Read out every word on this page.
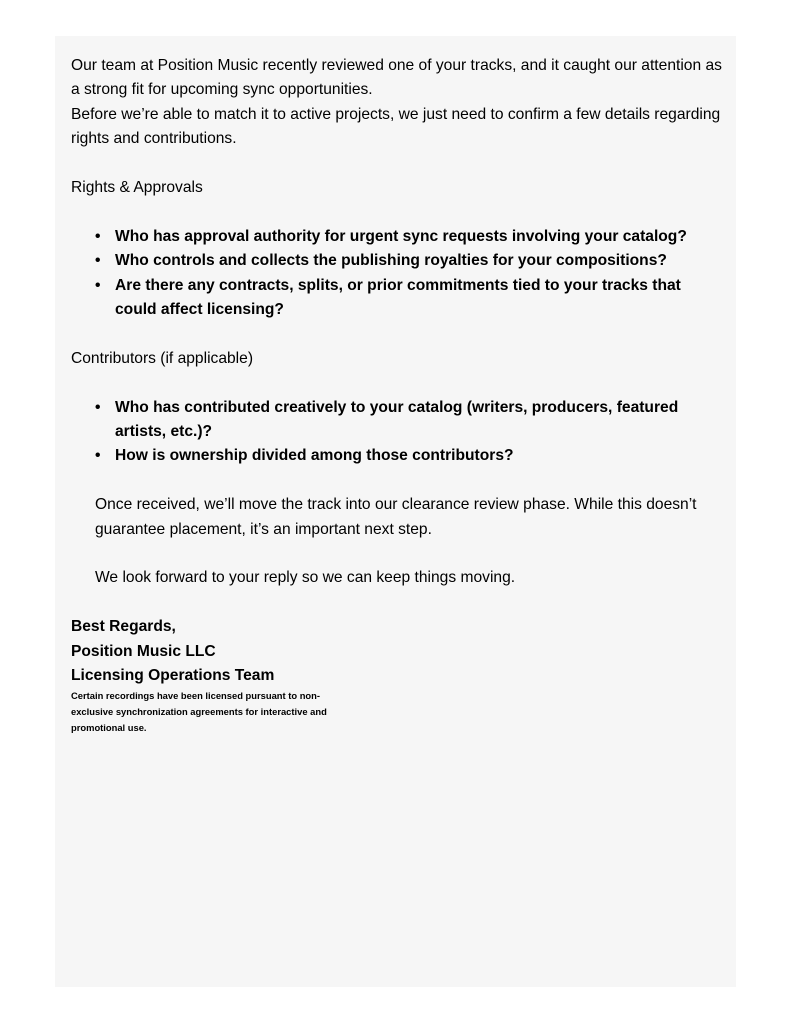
Our team at Position Music recently reviewed one of your tracks, and it caught our attention as a strong fit for upcoming sync opportunities.

Before we’re able to match it to active projects, we just need to confirm a few details regarding rights and contributions.

Rights & Approvals

• Who has approval authority for urgent sync requests involving your catalog?
• Who controls and collects the publishing royalties for your compositions?
• Are there any contracts, splits, or prior commitments tied to your tracks that could affect licensing?

Contributors (if applicable)

• Who has contributed creatively to your catalog (writers, producers, featured artists, etc.)?
• How is ownership divided among those contributors?

Once received, we’ll move the track into our clearance review phase. While this doesn’t guarantee placement, it’s an important next step.

We look forward to your reply so we can keep things moving.

Best Regards,

Position Music LLC

Licensing Operations Team

Certain recordings have been licensed pursuant to non-exclusive synchronization agreements for interactive and promotional use.
